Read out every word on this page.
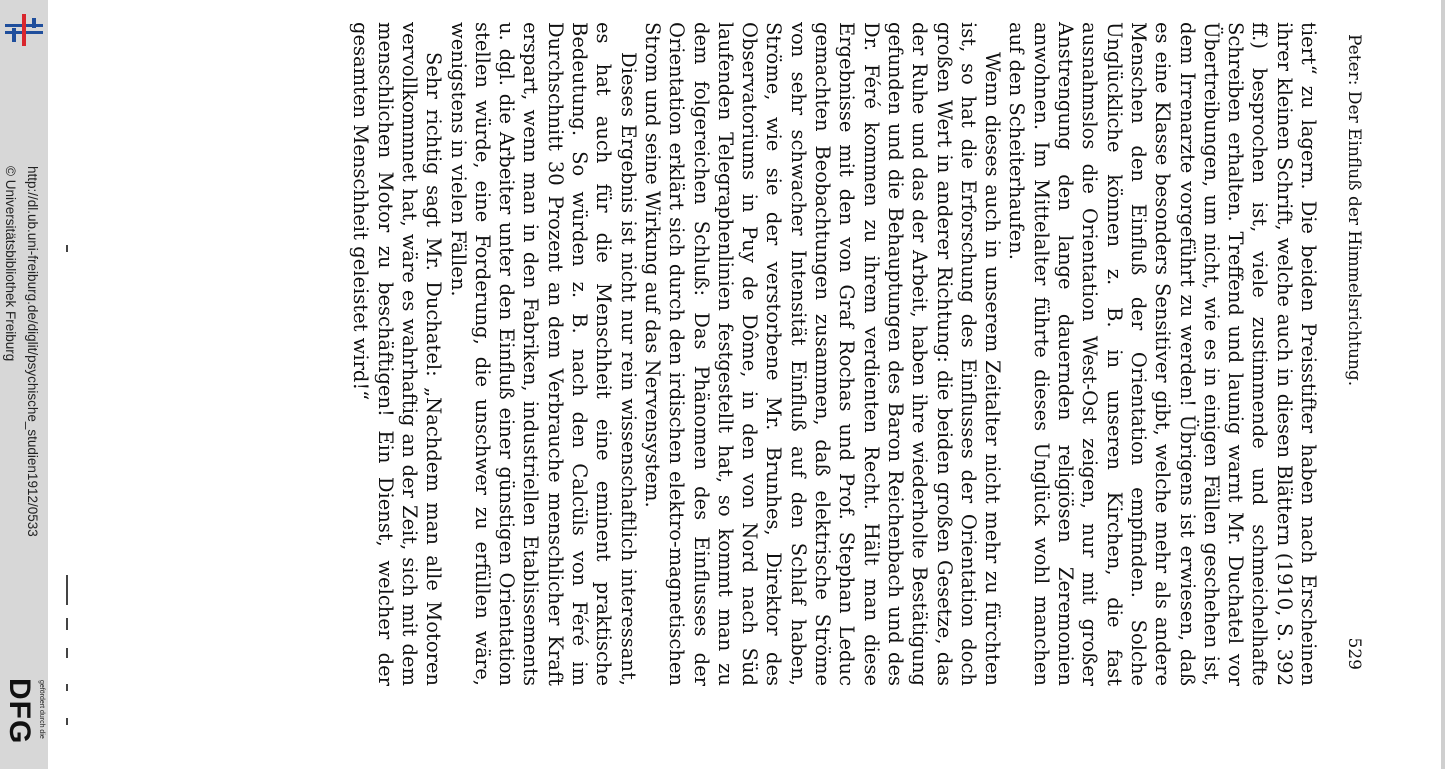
http://dl.ub.uni-freiburg.de/diglit/psychische_studien1912/0533
© Universitätsbibliothek Freiburg
gefördert durch die
DFG
Peter: Der Einfluß der Himmelsrichtung.
529

tiert“ zu lagern. Die beiden Preisstifter haben nach Erscheinen ihrer kleinen Schrift, welche auch in diesen Blättern (1910, S. 392 ff.) besprochen ist, viele zustimmende und schmeichelhafte Schreiben erhalten. Treffend und launig warnt Mr. Duchatel vor Übertreibungen, um nicht, wie es in einigen Fällen geschehen ist, dem Irrenarzte vorgeführt zu werden! Übrigens ist erwiesen, daß es eine Klasse besonders Sensitiver gibt, welche mehr als andere Menschen den Einfluß der Orientation empfinden. Solche Unglückliche können z. B. in unseren Kirchen, die fast ausnahmslos die Orientation West-Ost zeigen, nur mit großer Anstrengung den lange dauernden religiösen Zeremonien anwohnen. Im Mittelalter führte dieses Unglück wohl manchen auf den Scheiterhaufen.

Wenn dieses auch in unserem Zeitalter nicht mehr zu fürchten ist, so hat die Erforschung des Einflusses der Orientation doch großen Wert in anderer Richtung: die beiden großen Gesetze, das der Ruhe und das der Arbeit, haben ihre wiederholte Bestätigung gefunden und die Behauptungen des Baron Reichenbach und des Dr. Féré kommen zu ihrem verdienten Recht. Hält man diese Ergebnisse mit den von Graf Rochas und Prof. Stephan Leduc gemachten Beobachtungen zusammen, daß elektrische Ströme von sehr schwacher Intensität Einfluß auf den Schlaf haben, Ströme, wie sie der verstorbene Mr. Brunhes, Direktor des Observatoriums in Puy de Dôme, in den von Nord nach Süd laufenden Telegraphenlinien festgestellt hat, so kommt man zu dem folgereichen Schluß: Das Phänomen des Einflusses der Orientation erklärt sich durch den irdischen elektro-magnetischen Strom und seine Wirkung auf das Nervensystem.

Dieses Ergebnis ist nicht nur rein wissenschaftlich interessant, es hat auch für die Menschheit eine eminent praktische Bedeutung. So würden z. B. nach den Calcüls von Féré im Durchschnitt 30 Prozent an dem Verbrauche menschlicher Kraft erspart, wenn man in den Fabriken, industriellen Etablissements u. dgl. die Arbeiter unter den Einfluß einer günstigen Orientation stellen würde, eine Forderung, die unschwer zu erfüllen wäre, wenigstens in vielen Fällen.

Sehr richtig sagt Mr. Duchatel: „Nachdem man alle Motoren vervollkommnet hat, wäre es wahrhaftig an der Zeit, sich mit dem menschlichen Motor zu beschäftigen! Ein Dienst, welcher der gesamten Menschheit geleistet wird!“
